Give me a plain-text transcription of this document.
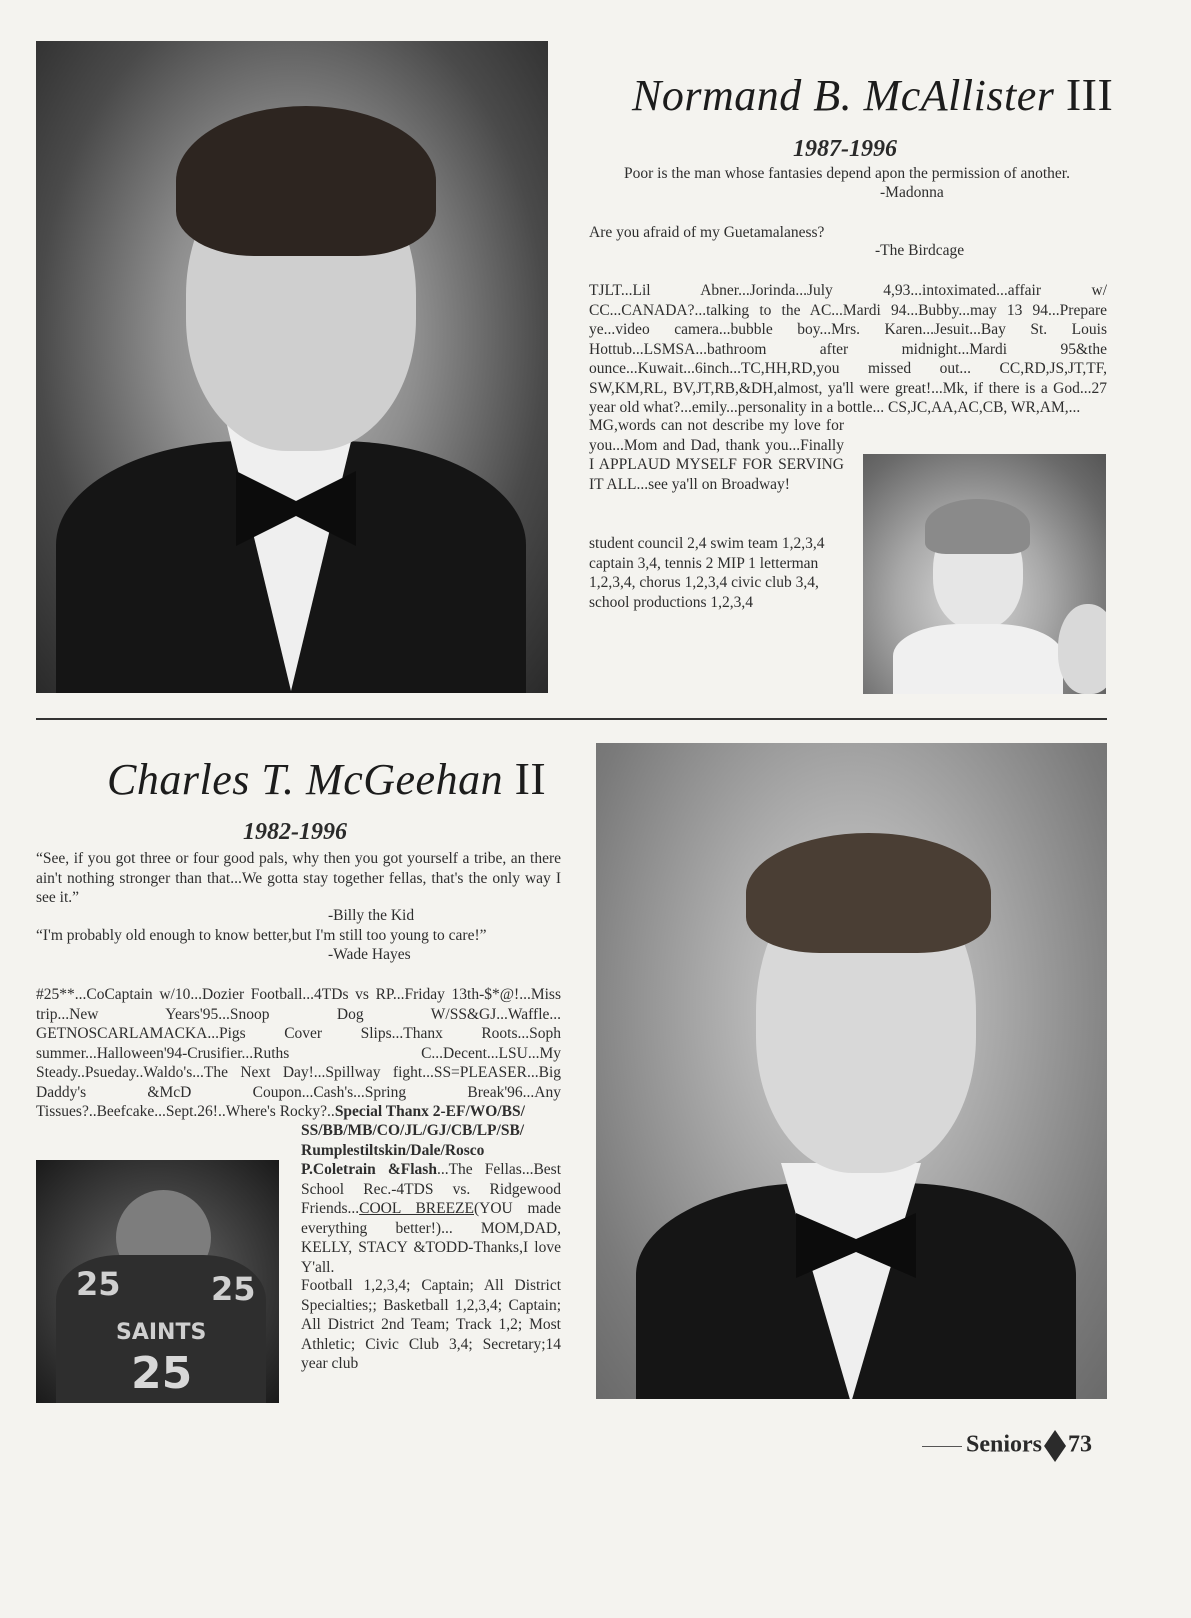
Normand B. McAllister III
1987-1996
Poor is the man whose fantasies depend apon the permission of another.
-Madonna
Are you afraid of my Guetamalaness?
-The Birdcage
TJLT...Lil Abner...Jorinda...July 4,93...intoximated...affair w/ CC...CANADA?...talking to the AC...Mardi 94...Bubby...may 13 94...Prepare ye...video camera...bubble boy...Mrs. Karen...Jesuit...Bay St. Louis Hottub...LSMSA...bathroom after midnight...Mardi 95&the ounce...Kuwait...6inch...TC,HH,RD,you missed out... CC,RD,JS,JT,TF, SW,KM,RL, BV,JT,RB,&DH,almost, ya'll were great!...Mk, if there is a God...27 year old what?...emily...personality in a bottle... CS,JC,AA,AC,CB, WR,AM,...
MG,words can not describe my love for you...Mom and Dad, thank you...Finally I APPLAUD MYSELF FOR SERVING IT ALL...see ya'll on Broadway!
student council 2,4 swim team 1,2,3,4 captain 3,4, tennis 2 MIP 1 letterman 1,2,3,4, chorus 1,2,3,4 civic club 3,4, school productions 1,2,3,4
Charles T. McGeehan II
1982-1996
“See, if you got three or four good pals, why then you got yourself a tribe, an there ain't nothing stronger than that...We gotta stay together fellas, that's the only way I see it.”
-Billy the Kid
“I'm probably old enough to know better,but I'm still too young to care!”
-Wade Hayes
#25**...CoCaptain w/10...Dozier Football...4TDs vs RP...Friday 13th-$*@!...Miss trip...New Years'95...Snoop Dog W/SS&GJ...Waffle... GETNOSCARLAMACKA...Pigs Cover Slips...Thanx Roots...Soph summer...Halloween'94-Crusifier...Ruths C...Decent...LSU...My Steady..Psueday..Waldo's...The Next Day!...Spillway fight...SS=PLEASER...Big Daddy's &McD Coupon...Cash's...Spring Break'96...Any Tissues?..Beefcake...Sept.26!..Where's Rocky?..Special Thanx 2-EF/WO/BS/
SS/BB/MB/CO/JL/GJ/CB/LP/SB/ Rumplestiltskin/Dale/Rosco P.Coletrain &Flash...The Fellas...Best School Rec.-4TDS vs. Ridgewood Friends...COOL BREEZE(YOU made everything better!)... MOM,DAD, KELLY, STACY &TODD-Thanks,I love Y'all.
25	25
SAINTS
25
Football 1,2,3,4; Captain; All District Specialties;; Basketball 1,2,3,4; Captain; All District 2nd Team; Track 1,2; Most Athletic; Civic Club 3,4; Secretary;14 year club
Seniors 73
